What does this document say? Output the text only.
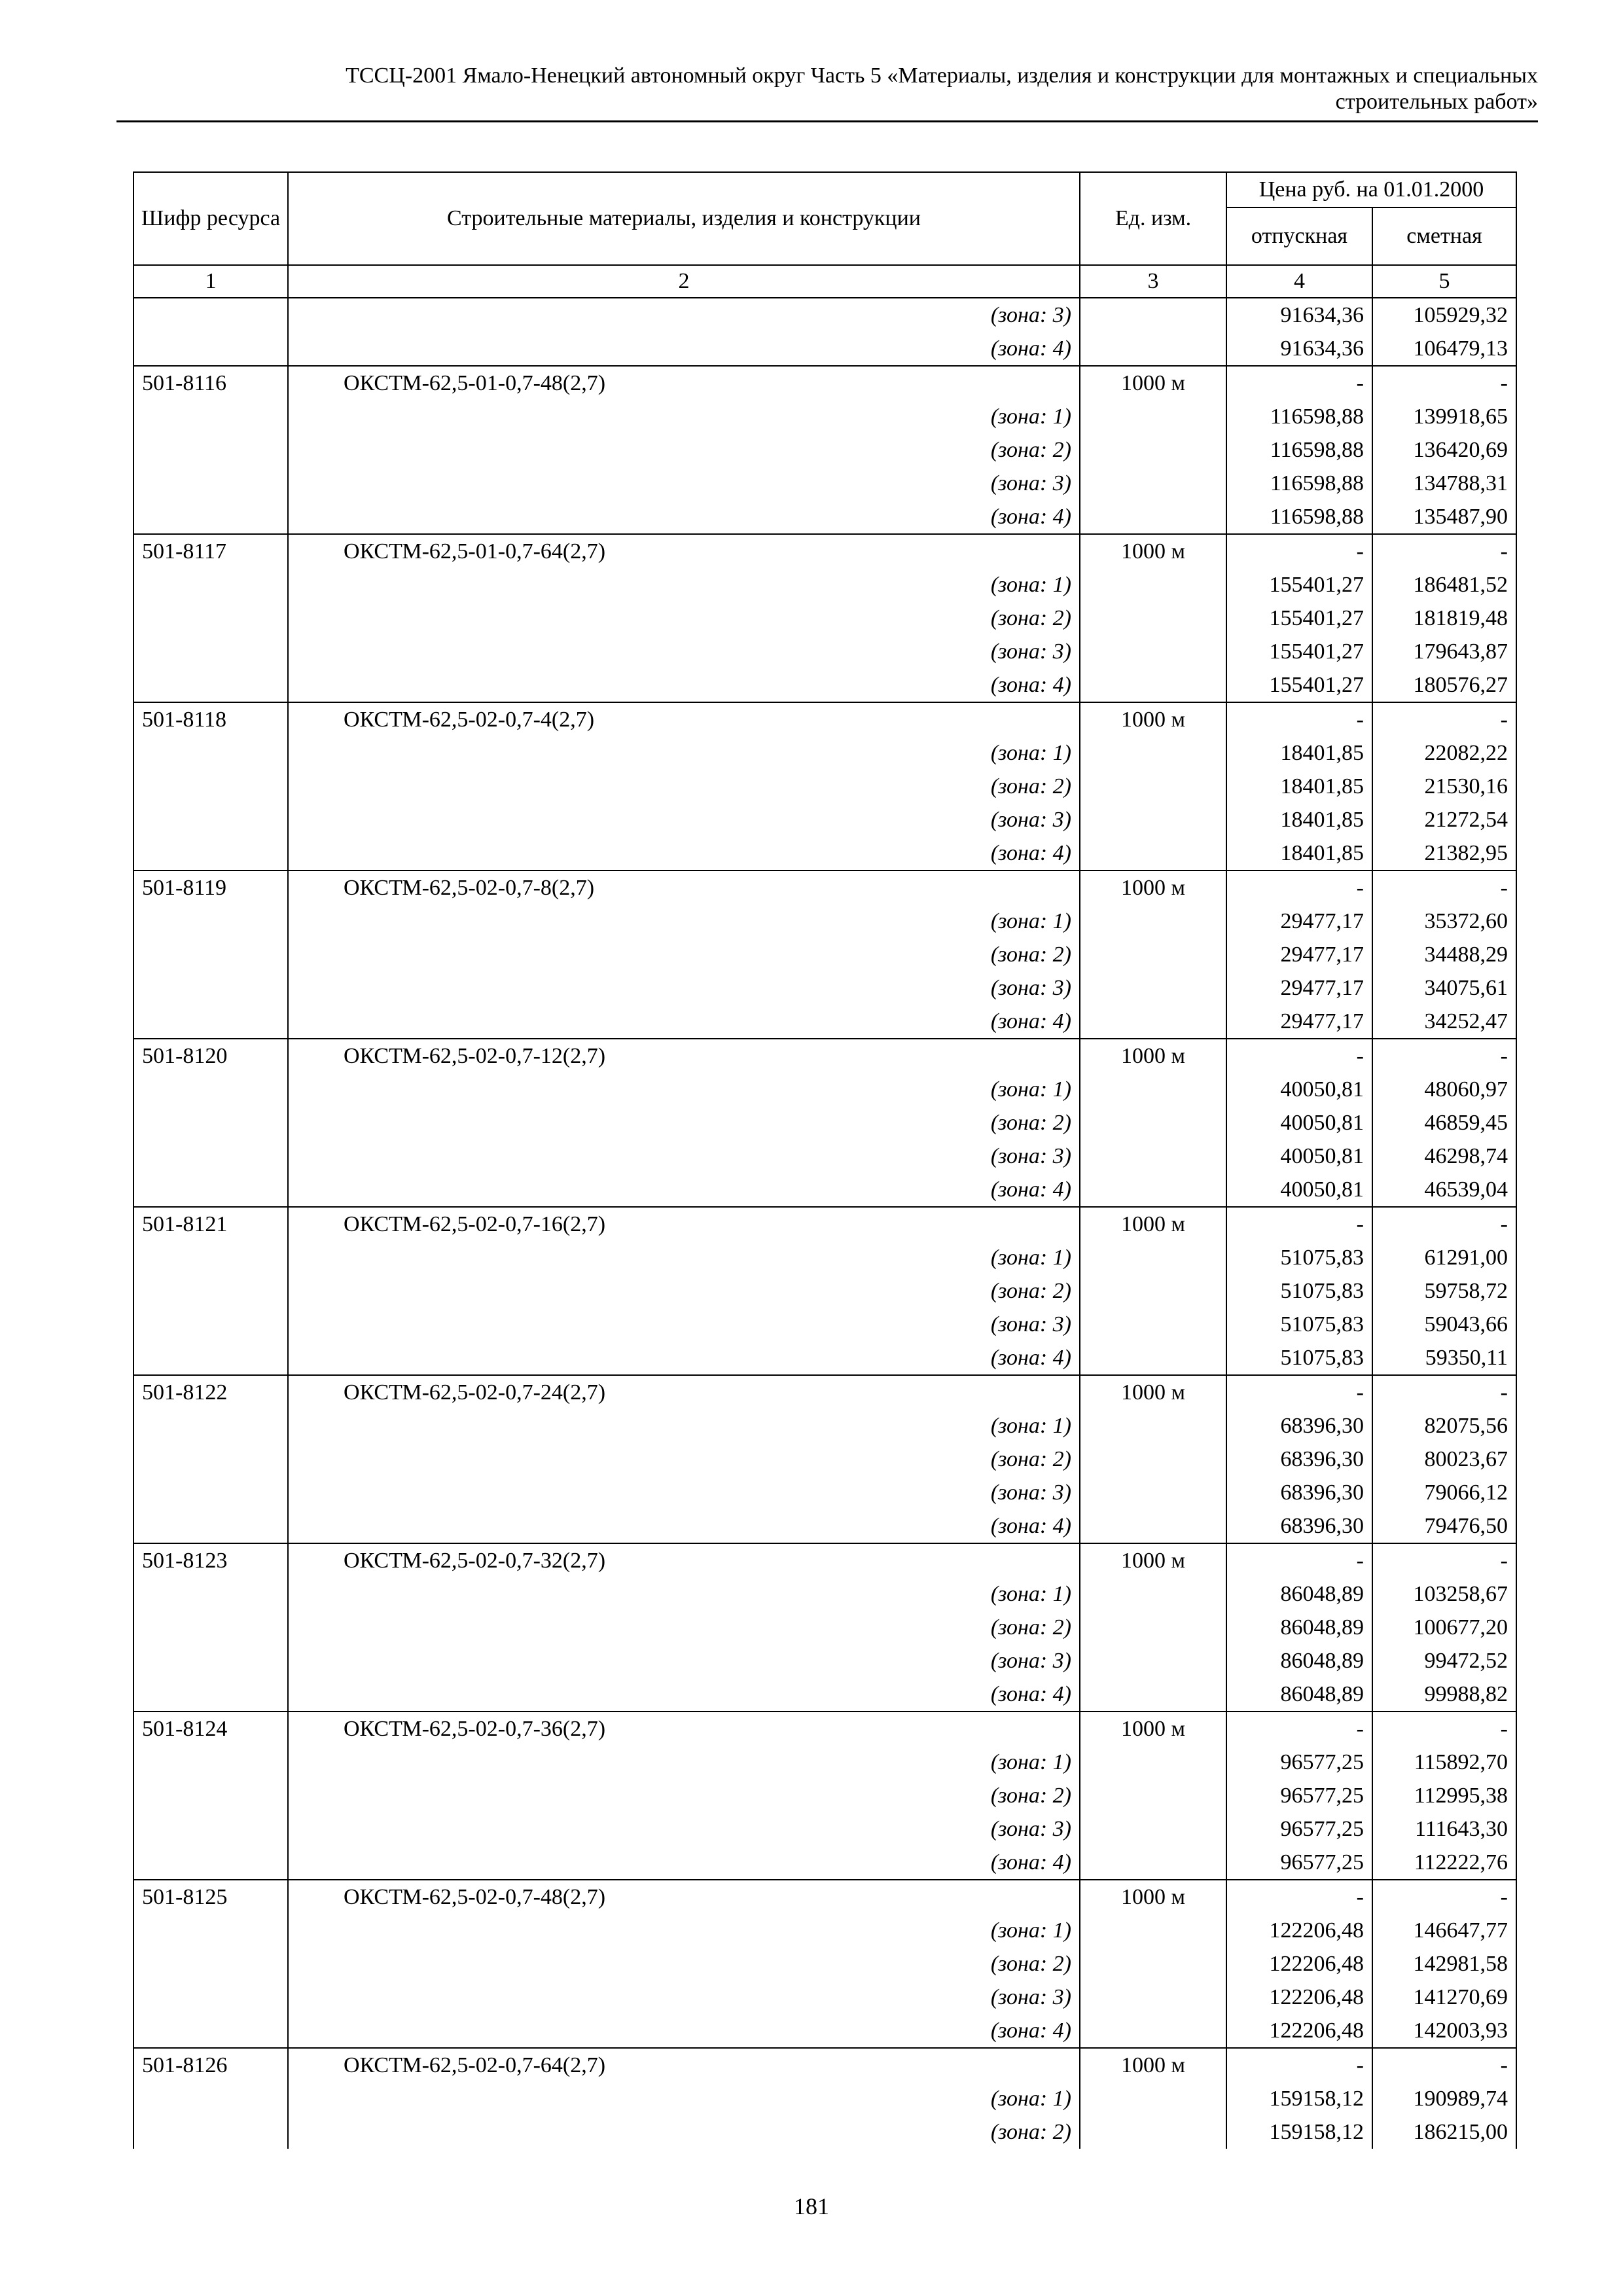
ТССЦ-2001 Ямало-Ненецкий автономный округ Часть 5 «Материалы, изделия и конструкции для монтажных и специальных
строительных работ»
Шифр ресурса	Строительные материалы, изделия и конструкции	Ед. изм.	Цена руб. на 01.01.2000	
			отпускная	сметная
1	2	3	4	5
	(зона: 3)		91634,36	105929,32
	(зона: 4)		91634,36	106479,13
501-8116	ОКСТМ-62,5-01-0,7-48(2,7)	1000 м	-	-
	(зона: 1)		116598,88	139918,65
	(зона: 2)		116598,88	136420,69
	(зона: 3)		116598,88	134788,31
	(зона: 4)		116598,88	135487,90
501-8117	ОКСТМ-62,5-01-0,7-64(2,7)	1000 м	-	-
	(зона: 1)		155401,27	186481,52
	(зона: 2)		155401,27	181819,48
	(зона: 3)		155401,27	179643,87
	(зона: 4)		155401,27	180576,27
501-8118	ОКСТМ-62,5-02-0,7-4(2,7)	1000 м	-	-
	(зона: 1)		18401,85	22082,22
	(зона: 2)		18401,85	21530,16
	(зона: 3)		18401,85	21272,54
	(зона: 4)		18401,85	21382,95
501-8119	ОКСТМ-62,5-02-0,7-8(2,7)	1000 м	-	-
	(зона: 1)		29477,17	35372,60
	(зона: 2)		29477,17	34488,29
	(зона: 3)		29477,17	34075,61
	(зона: 4)		29477,17	34252,47
501-8120	ОКСТМ-62,5-02-0,7-12(2,7)	1000 м	-	-
	(зона: 1)		40050,81	48060,97
	(зона: 2)		40050,81	46859,45
	(зона: 3)		40050,81	46298,74
	(зона: 4)		40050,81	46539,04
501-8121	ОКСТМ-62,5-02-0,7-16(2,7)	1000 м	-	-
	(зона: 1)		51075,83	61291,00
	(зона: 2)		51075,83	59758,72
	(зона: 3)		51075,83	59043,66
	(зона: 4)		51075,83	59350,11
501-8122	ОКСТМ-62,5-02-0,7-24(2,7)	1000 м	-	-
	(зона: 1)		68396,30	82075,56
	(зона: 2)		68396,30	80023,67
	(зона: 3)		68396,30	79066,12
	(зона: 4)		68396,30	79476,50
501-8123	ОКСТМ-62,5-02-0,7-32(2,7)	1000 м	-	-
	(зона: 1)		86048,89	103258,67
	(зона: 2)		86048,89	100677,20
	(зона: 3)		86048,89	99472,52
	(зона: 4)		86048,89	99988,82
501-8124	ОКСТМ-62,5-02-0,7-36(2,7)	1000 м	-	-
	(зона: 1)		96577,25	115892,70
	(зона: 2)		96577,25	112995,38
	(зона: 3)		96577,25	111643,30
	(зона: 4)		96577,25	112222,76
501-8125	ОКСТМ-62,5-02-0,7-48(2,7)	1000 м	-	-
	(зона: 1)		122206,48	146647,77
	(зона: 2)		122206,48	142981,58
	(зона: 3)		122206,48	141270,69
	(зона: 4)		122206,48	142003,93
501-8126	ОКСТМ-62,5-02-0,7-64(2,7)	1000 м	-	-
	(зона: 1)		159158,12	190989,74
	(зона: 2)		159158,12	186215,00
181
